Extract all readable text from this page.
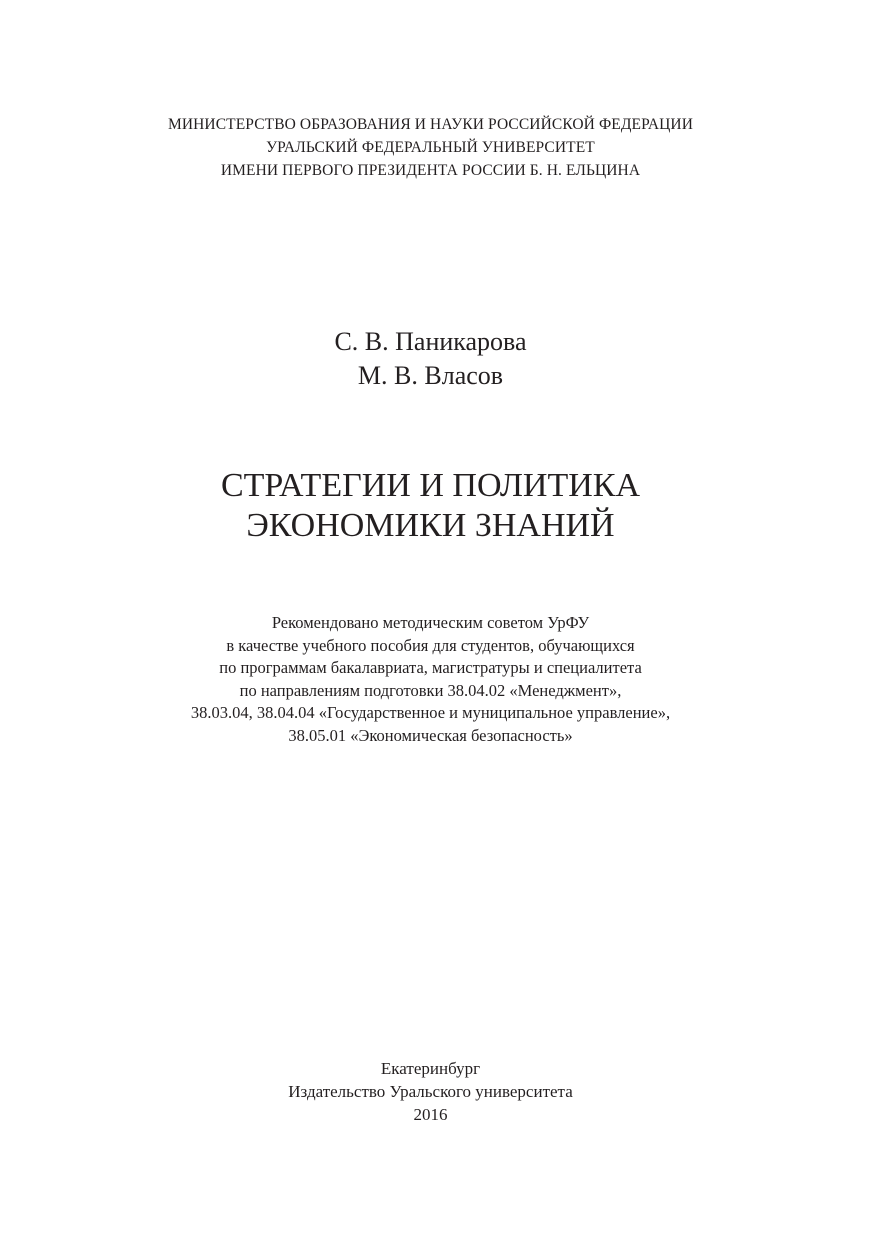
МИНИСТЕРСТВО ОБРАЗОВАНИЯ И НАУКИ РОССИЙСКОЙ ФЕДЕРАЦИИ
УРАЛЬСКИЙ ФЕДЕРАЛЬНЫЙ УНИВЕРСИТЕТ
ИМЕНИ ПЕРВОГО ПРЕЗИДЕНТА РОССИИ Б. Н. ЕЛЬЦИНА
С. В. Паникарова
М. В. Власов
СТРАТЕГИИ И ПОЛИТИКА
ЭКОНОМИКИ ЗНАНИЙ
Рекомендовано методическим советом УрФУ
в качестве учебного пособия для студентов, обучающихся
по программам бакалавриата, магистратуры и специалитета
по направлениям подготовки 38.04.02 «Менеджмент»,
38.03.04, 38.04.04 «Государственное и муниципальное управление»,
38.05.01 «Экономическая безопасность»
Екатеринбург
Издательство Уральского университета
2016
